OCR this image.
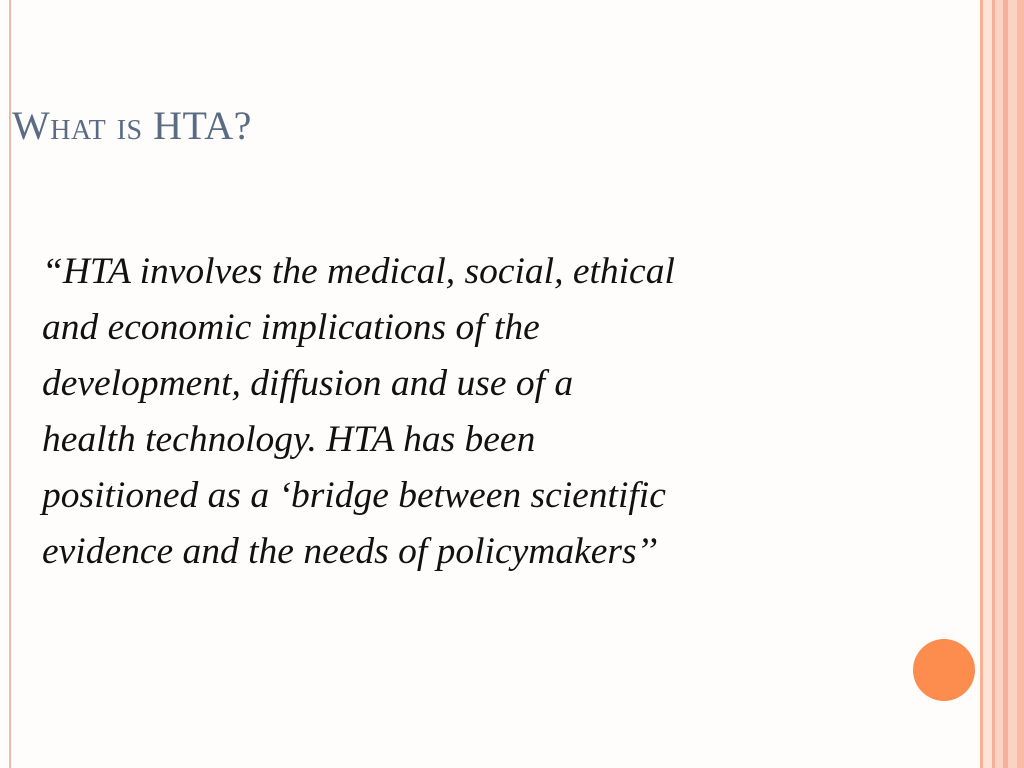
What is HTA?

“HTA involves the medical, social, ethical
and economic implications of the
development, diffusion and use of a
health technology. HTA has been
positioned as a ‘bridge between scientific
evidence and the needs of policymakers’’
